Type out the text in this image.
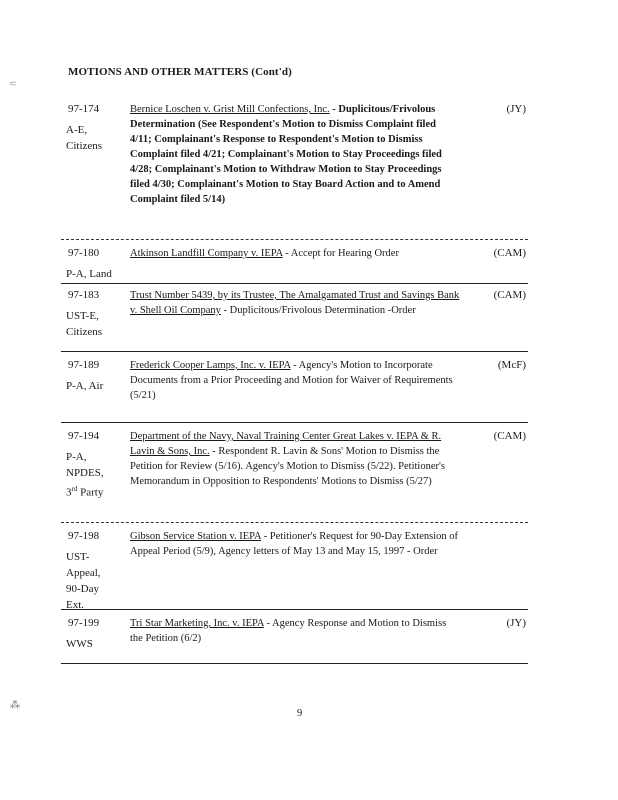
MOTIONS AND OTHER MATTERS (Cont'd)
97-174
A-E,
Citizens
Bernice Loschen v. Grist Mill Confections, Inc. - Duplicitous/Frivolous Determination (See Respondent's Motion to Dismiss Complaint filed 4/11; Complainant's Response to Respondent's Motion to Dismiss Complaint filed 4/21; Complainant's Motion to Stay Proceedings filed 4/28; Complainant's Motion to Withdraw Motion to Stay Proceedings filed 4/30; Complainant's Motion to Stay Board Action and to Amend Complaint filed 5/14)
(JY)
97-180
P-A, Land
Atkinson Landfill Company v. IEPA - Accept for Hearing Order	(CAM)
97-183
UST-E,
Citizens
Trust Number 5439, by its Trustee, The Amalgamated Trust and Savings Bank v. Shell Oil Company - Duplicitous/Frivolous Determination -Order
(CAM)
97-189
P-A, Air
Frederick Cooper Lamps, Inc. v. IEPA - Agency's Motion to Incorporate Documents from a Prior Proceeding and Motion for Waiver of Requirements (5/21)
(McF)
97-194
P-A,
NPDES,
3rd Party
Department of the Navy, Naval Training Center Great Lakes v. IEPA & R. Lavin & Sons, Inc. - Respondent R. Lavin & Sons' Motion to Dismiss the Petition for Review (5/16). Agency's Motion to Dismiss (5/22). Petitioner's Memorandum in Opposition to Respondents' Motions to Dismiss (5/27)
(CAM)
97-198
UST-
Appeal,
90-Day
Ext.
Gibson Service Station v. IEPA - Petitioner's Request for 90-Day Extension of Appeal Period (5/9), Agency letters of May 13 and May 15, 1997 - Order
97-199
WWS
Tri Star Marketing, Inc. v. IEPA - Agency Response and Motion to Dismiss the Petition (6/2)
(JY)
9
⸦
⁂
